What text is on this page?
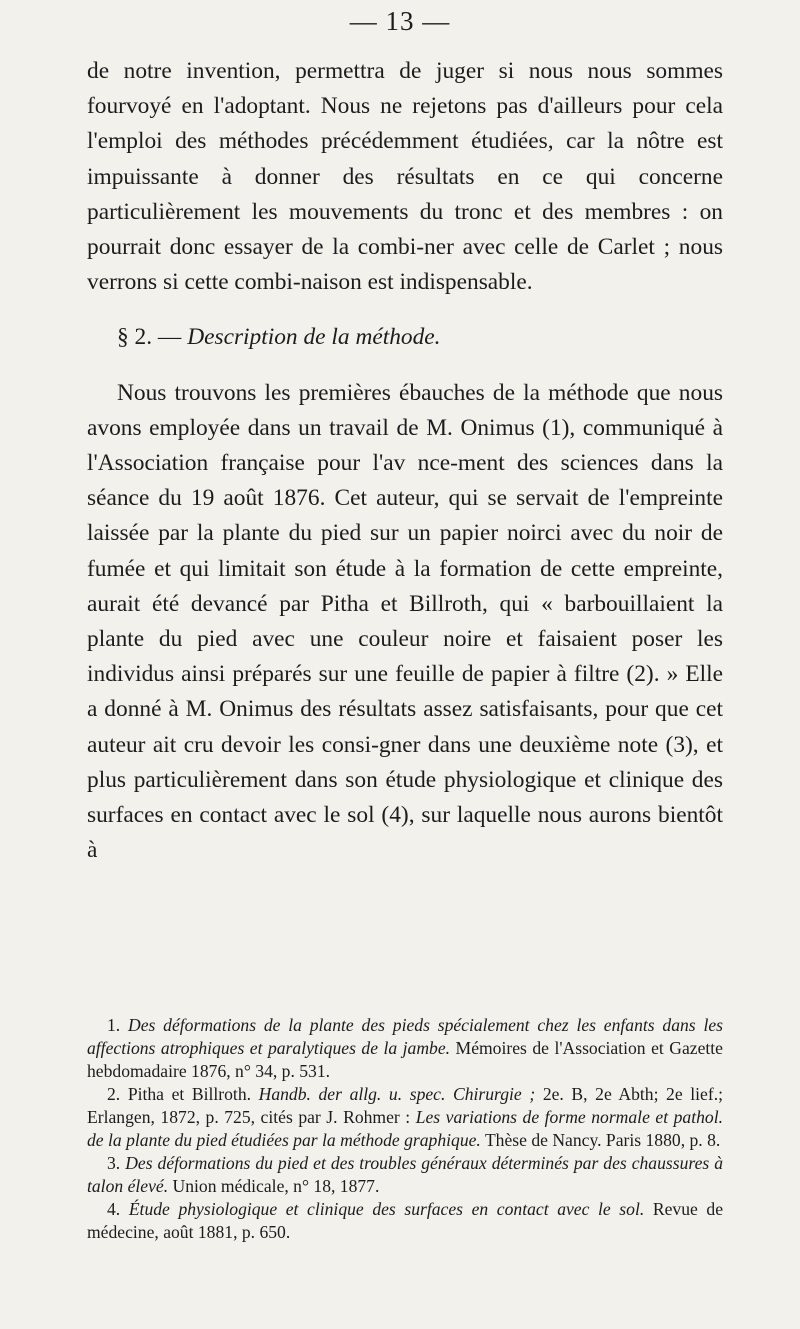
— 13 —

de notre invention, permettra de juger si nous nous sommes fourvoyé en l'adoptant. Nous ne rejetons pas d'ailleurs pour cela l'emploi des méthodes précédemment étudiées, car la nôtre est impuissante à donner des résultats en ce qui concerne particulièrement les mouvements du tronc et des membres : on pourrait donc essayer de la combi-ner avec celle de Carlet ; nous verrons si cette combi-naison est indispensable.

§ 2. — Description de la méthode.

Nous trouvons les premières ébauches de la méthode que nous avons employée dans un travail de M. Onimus (1), communiqué à l'Association française pour l'av nce-ment des sciences dans la séance du 19 août 1876. Cet auteur, qui se servait de l'empreinte laissée par la plante du pied sur un papier noirci avec du noir de fumée et qui limitait son étude à la formation de cette empreinte, aurait été devancé par Pitha et Billroth, qui « barbouillaient la plante du pied avec une couleur noire et faisaient poser les individus ainsi préparés sur une feuille de papier à filtre (2). » Elle a donné à M. Onimus des résultats assez satisfaisants, pour que cet auteur ait cru devoir les consi-gner dans une deuxième note (3), et plus particulièrement dans son étude physiologique et clinique des surfaces en contact avec le sol (4), sur laquelle nous aurons bientôt à

1. Des déformations de la plante des pieds spécialement chez les enfants dans les affections atrophiques et paralytiques de la jambe. Mémoires de l'Association et Gazette hebdomadaire 1876, n° 34, p. 531.

2. Pitha et Billroth. Handb. der allg. u. spec. Chirurgie ; 2e. B, 2e Abth; 2e lief.; Erlangen, 1872, p. 725, cités par J. Rohmer : Les variations de forme normale et pathol. de la plante du pied étudiées par la méthode graphique. Thèse de Nancy. Paris 1880, p. 8.

3. Des déformations du pied et des troubles généraux déterminés par des chaussures à talon élevé. Union médicale, n° 18, 1877.

4. Étude physiologique et clinique des surfaces en contact avec le sol. Revue de médecine, août 1881, p. 650.
